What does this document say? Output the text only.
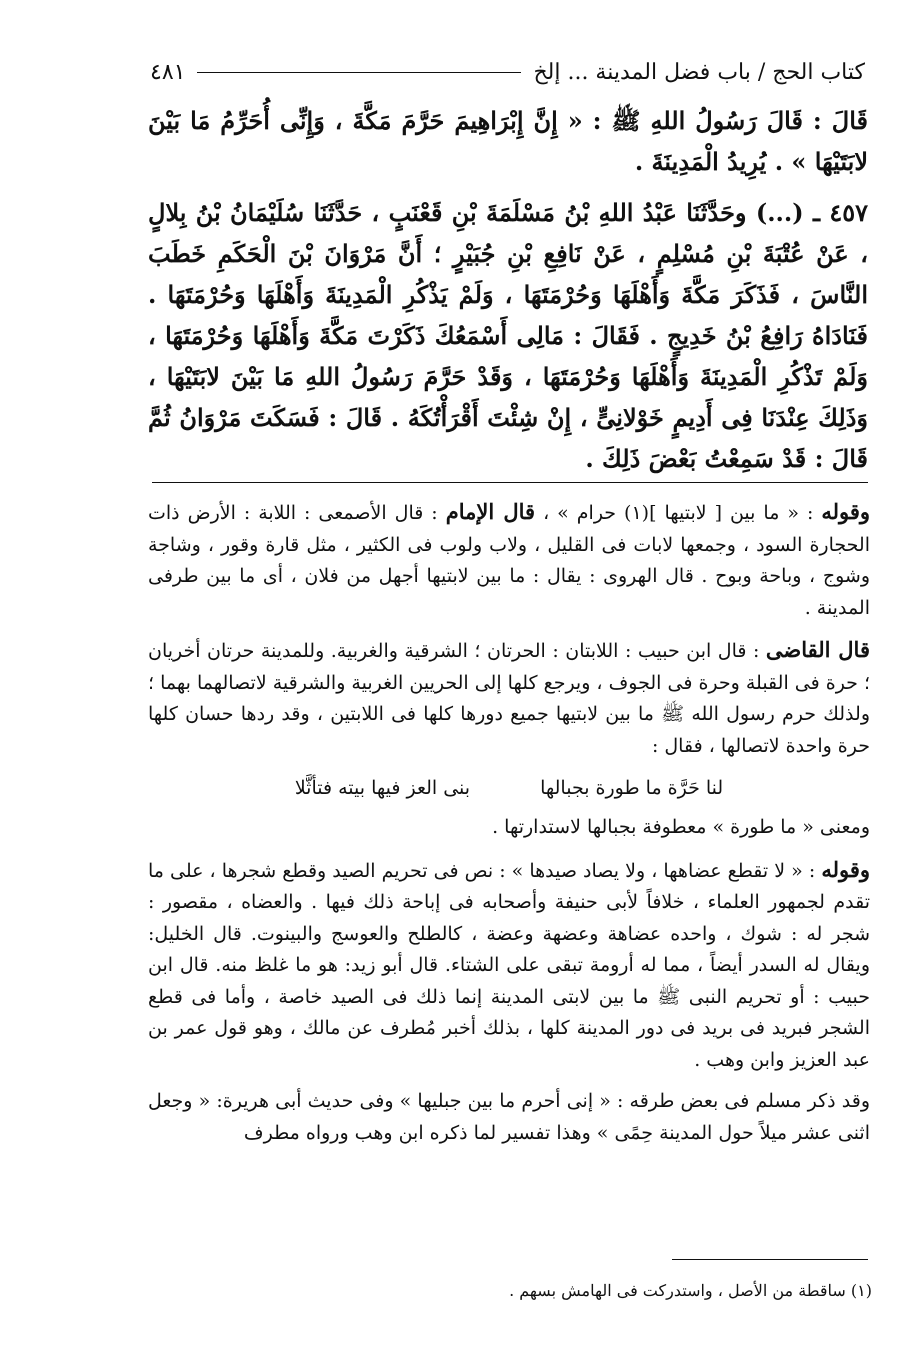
كتاب الحج / باب فضل المدينة ... إلخ
٤٨١

قَالَ : قَالَ رَسُولُ اللهِ ﷺ : « إِنَّ إِبْرَاهِيمَ حَرَّمَ مَكَّةَ ، وَإِنِّى أُحَرِّمُ مَا بَيْنَ لابَتَيْهَا » . يُرِيدُ الْمَدِينَةَ .

٤٥٧ ـ (...) وحَدَّثَنَا عَبْدُ اللهِ بْنُ مَسْلَمَةَ بْنِ قَعْنَبٍ ، حَدَّثَنَا سُلَيْمَانُ بْنُ بِلالٍ ، عَنْ عُتْبَةَ بْنِ مُسْلِمٍ ، عَنْ نَافِعِ بْنِ جُبَيْرٍ ؛ أَنَّ مَرْوَانَ بْنَ الْحَكَمِ خَطَبَ النَّاسَ ، فَذَكَرَ مَكَّةَ وَأَهْلَهَا وَحُرْمَتَهَا ، وَلَمْ يَذْكُرِ الْمَدِينَةَ وَأَهْلَهَا وَحُرْمَتَهَا . فَنَادَاهُ رَافِعُ بْنُ خَدِيجٍ . فَقَالَ : مَالِى أَسْمَعُكَ ذَكَرْتَ مَكَّةَ وَأَهْلَهَا وَحُرْمَتَهَا ، وَلَمْ تَذْكُرِ الْمَدِينَةَ وَأَهْلَهَا وَحُرْمَتَهَا ، وَقَدْ حَرَّمَ رَسُولُ اللهِ مَا بَيْنَ لابَتَيْهَا ، وَذَلِكَ عِنْدَنَا فِى أَدِيمٍ خَوْلانِىٍّ ، إِنْ شِئْتَ أَقْرَأْتُكَهُ . قَالَ : فَسَكَتَ مَرْوَانُ ثُمَّ قَالَ : قَدْ سَمِعْتُ بَعْضَ ذَلِكَ .

وقوله : « ما بين [ لابتيها ](١) حرام » ، قال الإمام : قال الأصمعى : اللابة : الأرض ذات الحجارة السود ، وجمعها لابات فى القليل ، ولاب ولوب فى الكثير ، مثل قارة وقور ، وشاجة وشوج ، وباحة وبوح . قال الهروى : يقال : ما بين لابتيها أجهل من فلان ، أى ما بين طرفى المدينة .

قال القاضى : قال ابن حبيب : اللابتان : الحرتان ؛ الشرقية والغربية. وللمدينة حرتان أخريان ؛ حرة فى القبلة وحرة فى الجوف ، ويرجع كلها إلى الحريين الغربية والشرقية لاتصالهما بهما ؛ ولذلك حرم رسول الله ﷺ ما بين لابتيها جميع دورها كلها فى اللابتين ، وقد ردها حسان كلها حرة واحدة لاتصالها ، فقال :

لنا حَرَّة ما طورة بجبالها
بنى العز فيها بيته فتأثَّلا

ومعنى « ما طورة » معطوفة بجبالها لاستدارتها .

وقوله : « لا تقطع عضاهها ، ولا يصاد صيدها » : نص فى تحريم الصيد وقطع شجرها ، على ما تقدم لجمهور العلماء ، خلافاً لأبى حنيفة وأصحابه فى إباحة ذلك فيها . والعضاه ، مقصور : شجر له : شوك ، واحده عضاهة وعضهة وعضة ، كالطلح والعوسج والبينوت. قال الخليل: ويقال له السدر أيضاً ، مما له أرومة تبقى على الشتاء. قال أبو زيد: هو ما غلظ منه. قال ابن حبيب : أو تحريم النبى ﷺ ما بين لابتى المدينة إنما ذلك فى الصيد خاصة ، وأما فى قطع الشجر فبريد فى بريد فى دور المدينة كلها ، بذلك أخبر مُطرف عن مالك ، وهو قول عمر بن عبد العزيز وابن وهب .

وقد ذكر مسلم فى بعض طرقه : « إنى أحرم ما بين جبليها » وفى حديث أبى هريرة: « وجعل اثنى عشر ميلاً حول المدينة حِمًى » وهذا تفسير لما ذكره ابن وهب ورواه مطرف

(١) ساقطة من الأصل ، واستدركت فى الهامش بسهم .
